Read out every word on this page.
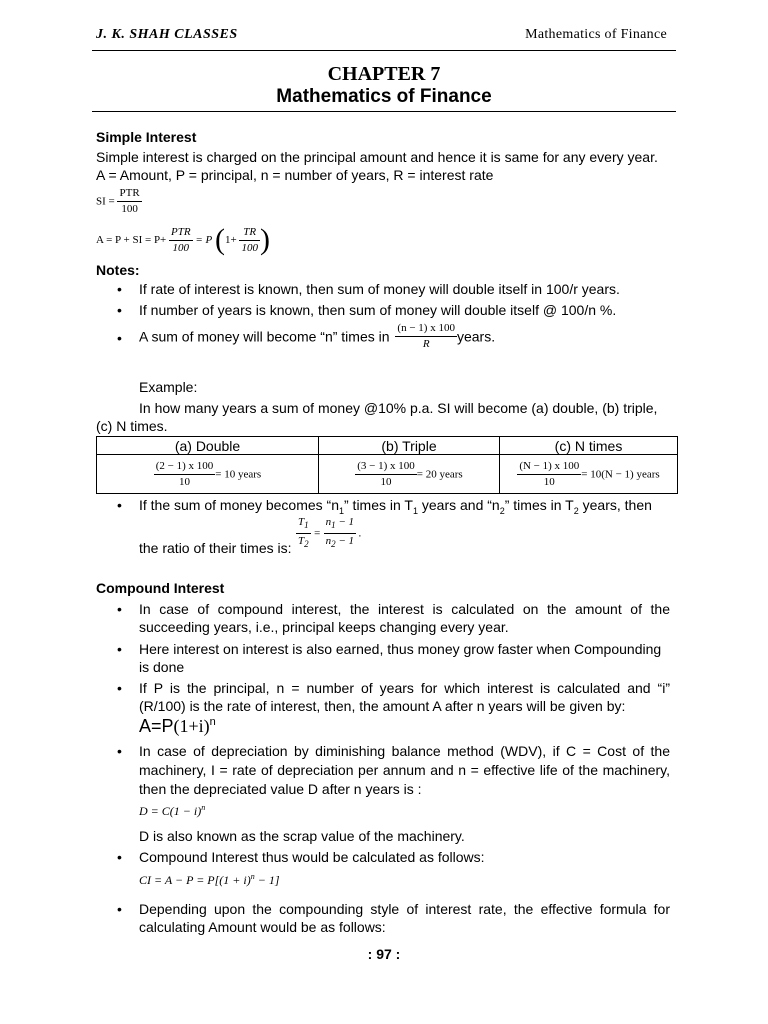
J. K. SHAH CLASSES	Mathematics of Finance
CHAPTER 7
Mathematics of Finance
Simple Interest
Simple interest is charged on the principal amount and hence it is same for any every year.
A = Amount, P = principal, n = number of years, R = interest rate
SI = $\frac{\text{PTR}}{100}$
A = P + SI = $P+ \frac{\text{PTR}}{100} = P$ ($1+ \frac{TR}{100}$ )
Notes:
• If rate of interest is known, then sum of money will double itself in 100/r years.
• If number of years is known, then sum of money will double itself @ 100/n %.
• A sum of money will become “n” times in $\frac{(n - 1) x 100}{R}$ years.
Example:
In how many years a sum of money @10% p.a. SI will become (a) double, (b) triple,
(c) N times.
(a) Double	(b) Triple	(c) N times

$\frac{(2 - 1) x 100}{10} = 10$ years	$\frac{(3 - 1) x 100}{10} = 20$ years	$\frac{(N - 1) x 100}{10} = 10(N - 1)$ years
• If the sum of money becomes “$n_1$” times in $T_1$ years and “$n_2$” times in $T_2$ years, then
the ratio of their times is: $\frac{T_1}{T_2} = \frac{n_1 - 1}{n_2 - 1}$ .
Compound Interest
• In case of compound interest, the interest is calculated on the amount of the
succeeding years, i.e., principal keeps changing every year.
• Here interest on interest is also earned, thus money grow faster when Compounding
is done
• If P is the principal, n = number of years for which interest is calculated and “i”
(R/100) is the rate of interest, then, the amount A after n years will be given by:
$A=P(1+i)^n$
• In case of depreciation by diminishing balance method (WDV), if C = Cost of the
machinery, I = rate of depreciation per annum and n = effective life of the machinery,
then the depreciated value D after n years is :
$D = C(1 - i)^n$
D is also known as the scrap value of the machinery.
• Compound Interest thus would be calculated as follows:
CI = $A - P = P[(1 + i)^n - 1]$
• Depending upon the compounding style of interest rate, the effective formula for
calculating Amount would be as follows:
: 97 :
